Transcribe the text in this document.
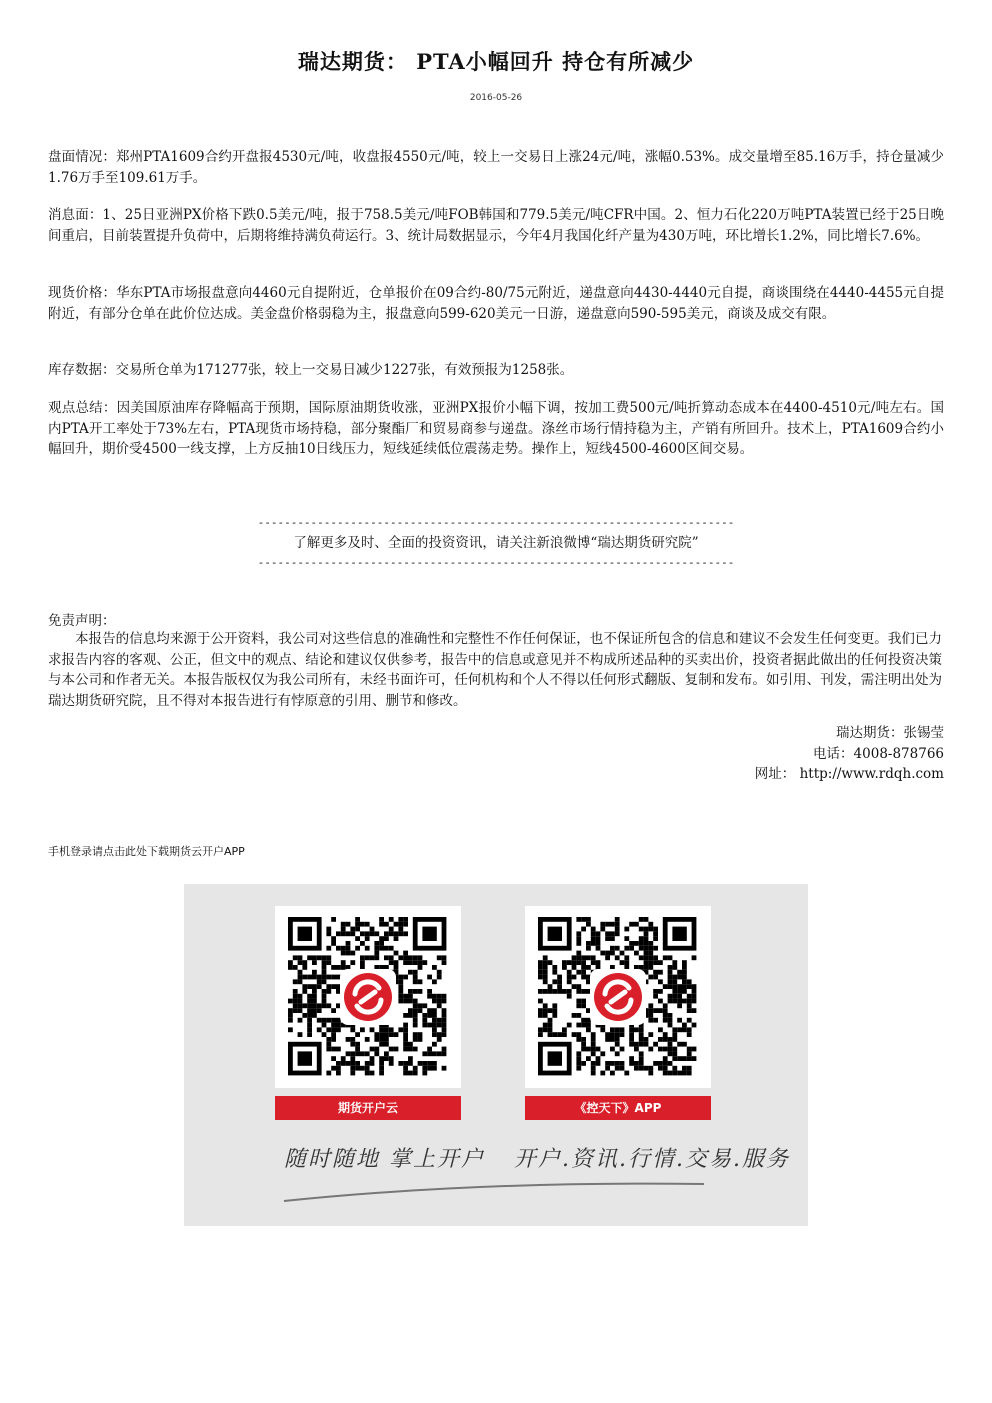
瑞达期货： PTA小幅回升 持仓有所减少
2016-05-26
盘面情况：郑州PTA1609合约开盘报4530元/吨，收盘报4550元/吨，较上一交易日上涨24元/吨，涨幅0.53%。成交量增至85.16万手，持仓量减少1.76万手至109.61万手。
消息面：1、25日亚洲PX价格下跌0.5美元/吨，报于758.5美元/吨FOB韩国和779.5美元/吨CFR中国。2、恒力石化220万吨PTA装置已经于25日晚间重启，目前装置提升负荷中，后期将维持满负荷运行。3、统计局数据显示，今年4月我国化纤产量为430万吨，环比增长1.2%，同比增长7.6%。
现货价格：华东PTA市场报盘意向4460元自提附近，仓单报价在09合约-80/75元附近，递盘意向4430-4440元自提，商谈围绕在4440-4455元自提附近，有部分仓单在此价位达成。美金盘价格弱稳为主，报盘意向599-620美元一日游，递盘意向590-595美元，商谈及成交有限。
库存数据：交易所仓单为171277张，较上一交易日减少1227张，有效预报为1258张。
观点总结：因美国原油库存降幅高于预期，国际原油期货收涨，亚洲PX报价小幅下调，按加工费500元/吨折算动态成本在4400-4510元/吨左右。国内PTA开工率处于73%左右，PTA现货市场持稳，部分聚酯厂和贸易商参与递盘。涤丝市场行情持稳为主，产销有所回升。技术上，PTA1609合约小幅回升，期价受4500一线支撑，上方反抽10日线压力，短线延续低位震荡走势。操作上，短线4500-4600区间交易。
------------------------------------------------------------------------
了解更多及时、全面的投资资讯，请关注新浪微博“瑞达期货研究院”
------------------------------------------------------------------------
免责声明：
本报告的信息均来源于公开资料，我公司对这些信息的准确性和完整性不作任何保证，也不保证所包含的信息和建议不会发生任何变更。我们已力求报告内容的客观、公正，但文中的观点、结论和建议仅供参考，报告中的信息或意见并不构成所述品种的买卖出价，投资者据此做出的任何投资决策与本公司和作者无关。本报告版权仅为我公司所有，未经书面许可，任何机构和个人不得以任何形式翻版、复制和发布。如引用、刊发，需注明出处为瑞达期货研究院，且不得对本报告进行有悖原意的引用、删节和修改。
瑞达期货：张锡莹
电话：4008-878766
网址： http://www.rdqh.com
手机登录请点击此处下载期货云开户APP
期货开户云	《控天下》APP
随时随地 掌上开户 开户.资讯.行情.交易.服务
